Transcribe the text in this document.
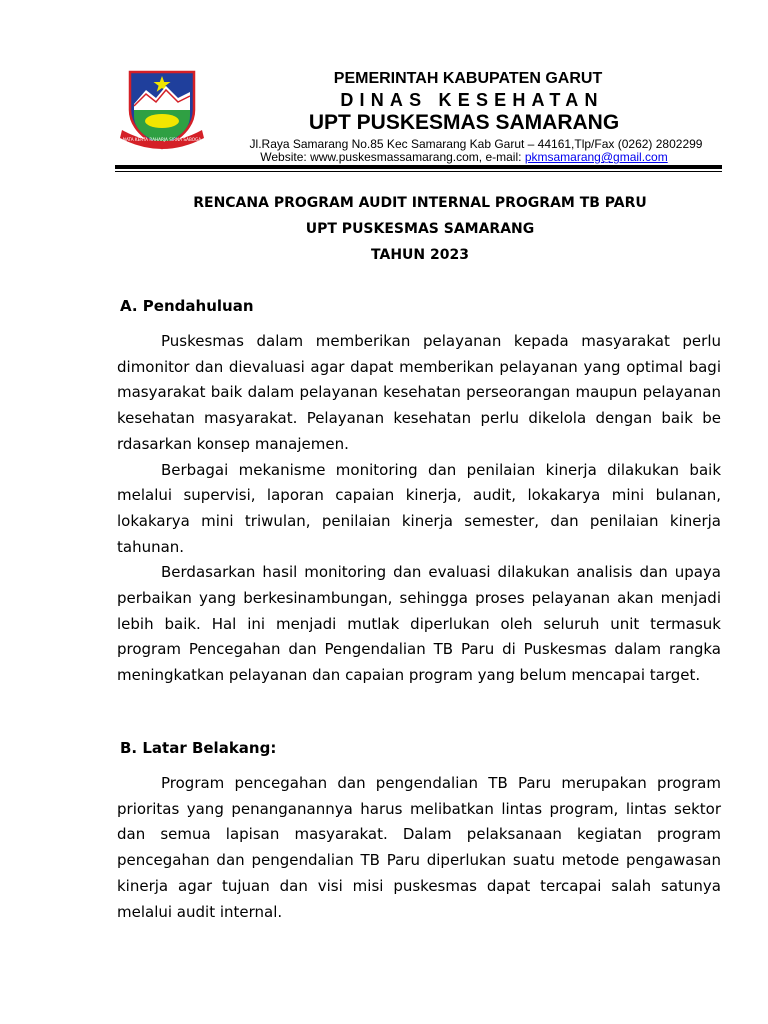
NATA KERTA RAHARJA SIRNA SABOGA
PEMERINTAH KABUPATEN GARUT
DINAS KESEHATAN
UPT PUSKESMAS SAMARANG
Jl.Raya Samarang No.85 Kec Samarang Kab Garut – 44161,Tlp/Fax (0262) 2802299
Website: www.puskesmassamarang.com, e-mail: pkmsamarang@gmail.com
RENCANA PROGRAM AUDIT INTERNAL PROGRAM TB PARU
UPT PUSKESMAS SAMARANG
TAHUN 2023
A. Pendahuluan

Puskesmas dalam memberikan pelayanan kepada masyarakat perlu dimonitor dan dievaluasi agar dapat memberikan pelayanan yang optimal bagi masyarakat baik dalam pelayanan kesehatan perseorangan maupun pelayanan kesehatan masyarakat. Pelayanan kesehatan perlu dikelola dengan baik be rdasarkan konsep manajemen.

Berbagai mekanisme monitoring dan penilaian kinerja dilakukan baik melalui supervisi, laporan capaian kinerja, audit, lokakarya mini bulanan, lokakarya mini triwulan, penilaian kinerja semester, dan penilaian kinerja tahunan.

Berdasarkan hasil monitoring dan evaluasi dilakukan analisis dan upaya perbaikan yang berkesinambungan, sehingga proses pelayanan akan menjadi lebih baik. Hal ini menjadi mutlak diperlukan oleh seluruh unit termasuk program Pencegahan dan Pengendalian TB Paru di Puskesmas dalam rangka meningkatkan pelayanan dan capaian program yang belum mencapai target.

B. Latar Belakang:

Program pencegahan dan pengendalian TB Paru merupakan program prioritas yang penanganannya harus melibatkan lintas program, lintas sektor dan semua lapisan masyarakat. Dalam pelaksanaan kegiatan program pencegahan dan pengendalian TB Paru diperlukan suatu metode pengawasan kinerja agar tujuan dan visi misi puskesmas dapat tercapai salah satunya melalui audit internal.
